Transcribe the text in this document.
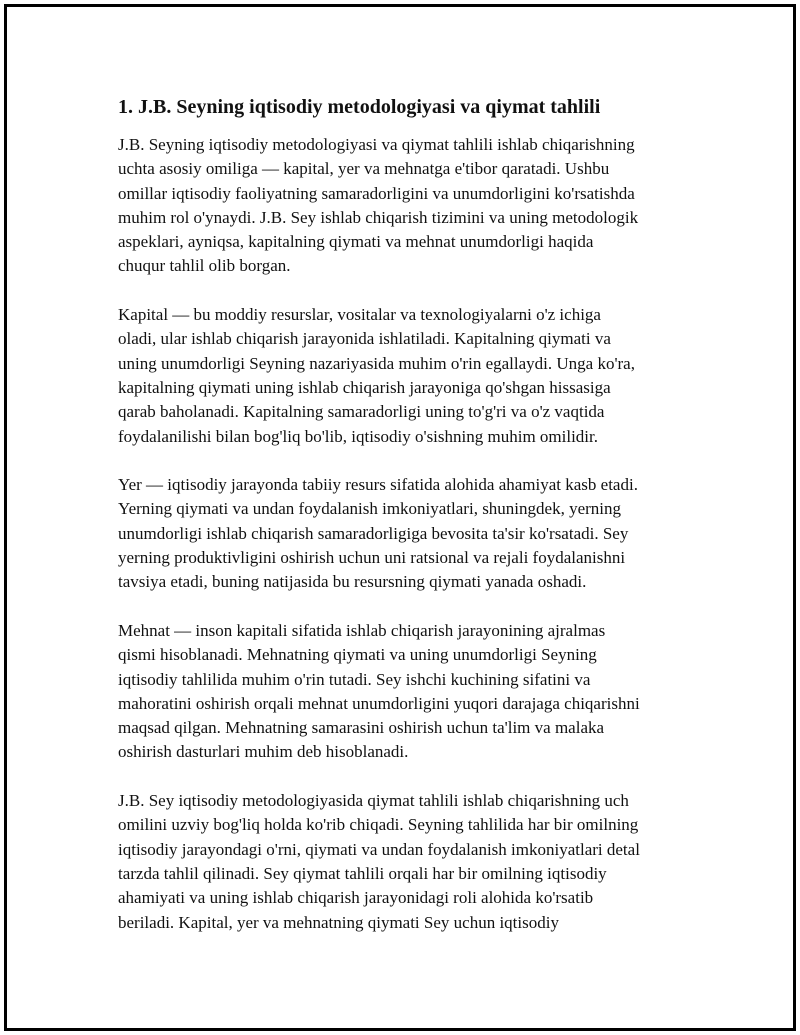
1. J.B. Seyning iqtisodiy metodologiyasi va qiymat tahlili

J.B. Seyning iqtisodiy metodologiyasi va qiymat tahlili ishlab chiqarishning
uchta asosiy omiliga — kapital, yer va mehnatga e'tibor qaratadi. Ushbu
omillar iqtisodiy faoliyatning samaradorligini va unumdorligini ko'rsatishda
muhim rol o'ynaydi. J.B. Sey ishlab chiqarish tizimini va uning metodologik
aspeklari, ayniqsa, kapitalning qiymati va mehnat unumdorligi haqida
chuqur tahlil olib borgan.

Kapital — bu moddiy resurslar, vositalar va texnologiyalarni o'z ichiga
oladi, ular ishlab chiqarish jarayonida ishlatiladi. Kapitalning qiymati va
uning unumdorligi Seyning nazariyasida muhim o'rin egallaydi. Unga ko'ra,
kapitalning qiymati uning ishlab chiqarish jarayoniga qo'shgan hissasiga
qarab baholanadi. Kapitalning samaradorligi uning to'g'ri va o'z vaqtida
foydalanilishi bilan bog'liq bo'lib, iqtisodiy o'sishning muhim omilidir.

Yer — iqtisodiy jarayonda tabiiy resurs sifatida alohida ahamiyat kasb etadi.
Yerning qiymati va undan foydalanish imkoniyatlari, shuningdek, yerning
unumdorligi ishlab chiqarish samaradorligiga bevosita ta'sir ko'rsatadi. Sey
yerning produktivligini oshirish uchun uni ratsional va rejali foydalanishni
tavsiya etadi, buning natijasida bu resursning qiymati yanada oshadi.

Mehnat — inson kapitali sifatida ishlab chiqarish jarayonining ajralmas
qismi hisoblanadi. Mehnatning qiymati va uning unumdorligi Seyning
iqtisodiy tahlilida muhim o'rin tutadi. Sey ishchi kuchining sifatini va
mahoratini oshirish orqali mehnat unumdorligini yuqori darajaga chiqarishni
maqsad qilgan. Mehnatning samarasini oshirish uchun ta'lim va malaka
oshirish dasturlari muhim deb hisoblanadi.

J.B. Sey iqtisodiy metodologiyasida qiymat tahlili ishlab chiqarishning uch
omilini uzviy bog'liq holda ko'rib chiqadi. Seyning tahlilida har bir omilning
iqtisodiy jarayondagi o'rni, qiymati va undan foydalanish imkoniyatlari detal
tarzda tahlil qilinadi. Sey qiymat tahlili orqali har bir omilning iqtisodiy
ahamiyati va uning ishlab chiqarish jarayonidagi roli alohida ko'rsatib
beriladi. Kapital, yer va mehnatning qiymati Sey uchun iqtisodiy
